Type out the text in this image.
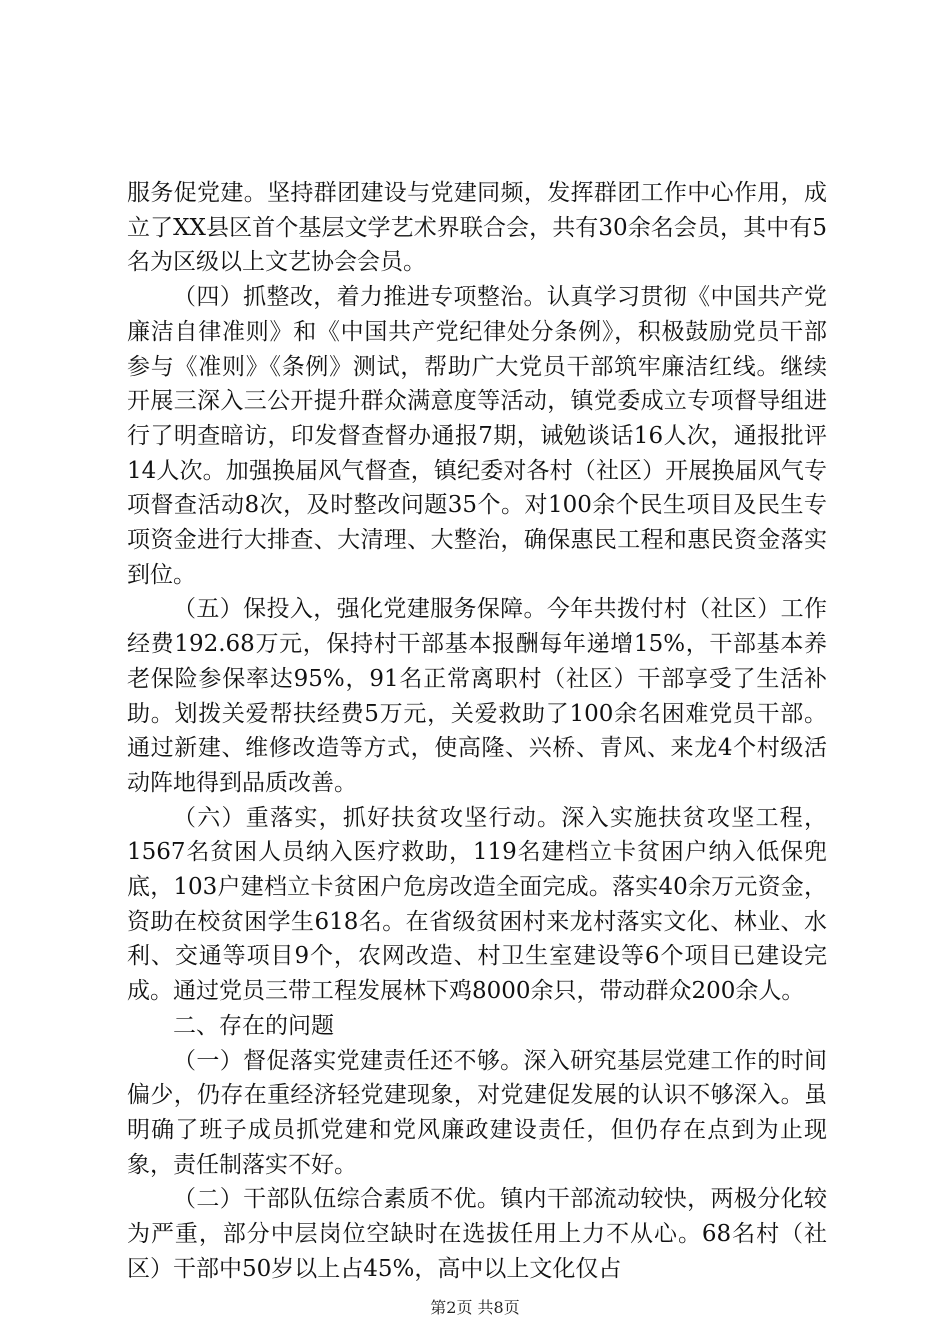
服务促党建。坚持群团建设与党建同频，发挥群团工作中心作用，成立了XX县区首个基层文学艺术界联合会，共有30余名会员，其中有5名为区级以上文艺协会会员。

（四）抓整改，着力推进专项整治。认真学习贯彻《中国共产党廉洁自律准则》和《中国共产党纪律处分条例》，积极鼓励党员干部参与《准则》《条例》测试，帮助广大党员干部筑牢廉洁红线。继续开展三深入三公开提升群众满意度等活动，镇党委成立专项督导组进行了明查暗访，印发督查督办通报7期，诫勉谈话16人次，通报批评14人次。加强换届风气督查，镇纪委对各村（社区）开展换届风气专项督查活动8次，及时整改问题35个。对100余个民生项目及民生专项资金进行大排查、大清理、大整治，确保惠民工程和惠民资金落实到位。

（五）保投入，强化党建服务保障。今年共拨付村（社区）工作经费192.68万元，保持村干部基本报酬每年递增15%，干部基本养老保险参保率达95%，91名正常离职村（社区）干部享受了生活补助。划拨关爱帮扶经费5万元，关爱救助了100余名困难党员干部。通过新建、维修改造等方式，使高隆、兴桥、青风、来龙4个村级活动阵地得到品质改善。

（六）重落实，抓好扶贫攻坚行动。深入实施扶贫攻坚工程，1567名贫困人员纳入医疗救助，119名建档立卡贫困户纳入低保兜底，103户建档立卡贫困户危房改造全面完成。落实40余万元资金，资助在校贫困学生618名。在省级贫困村来龙村落实文化、林业、水利、交通等项目9个，农网改造、村卫生室建设等6个项目已建设完成。通过党员三带工程发展林下鸡8000余只，带动群众200余人。

二、存在的问题

（一）督促落实党建责任还不够。深入研究基层党建工作的时间偏少，仍存在重经济轻党建现象，对党建促发展的认识不够深入。虽明确了班子成员抓党建和党风廉政建设责任，但仍存在点到为止现象，责任制落实不好。

（二）干部队伍综合素质不优。镇内干部流动较快，两极分化较为严重，部分中层岗位空缺时在选拔任用上力不从心。68名村（社区）干部中50岁以上占45%，高中以上文化仅占

第2页 共8页
